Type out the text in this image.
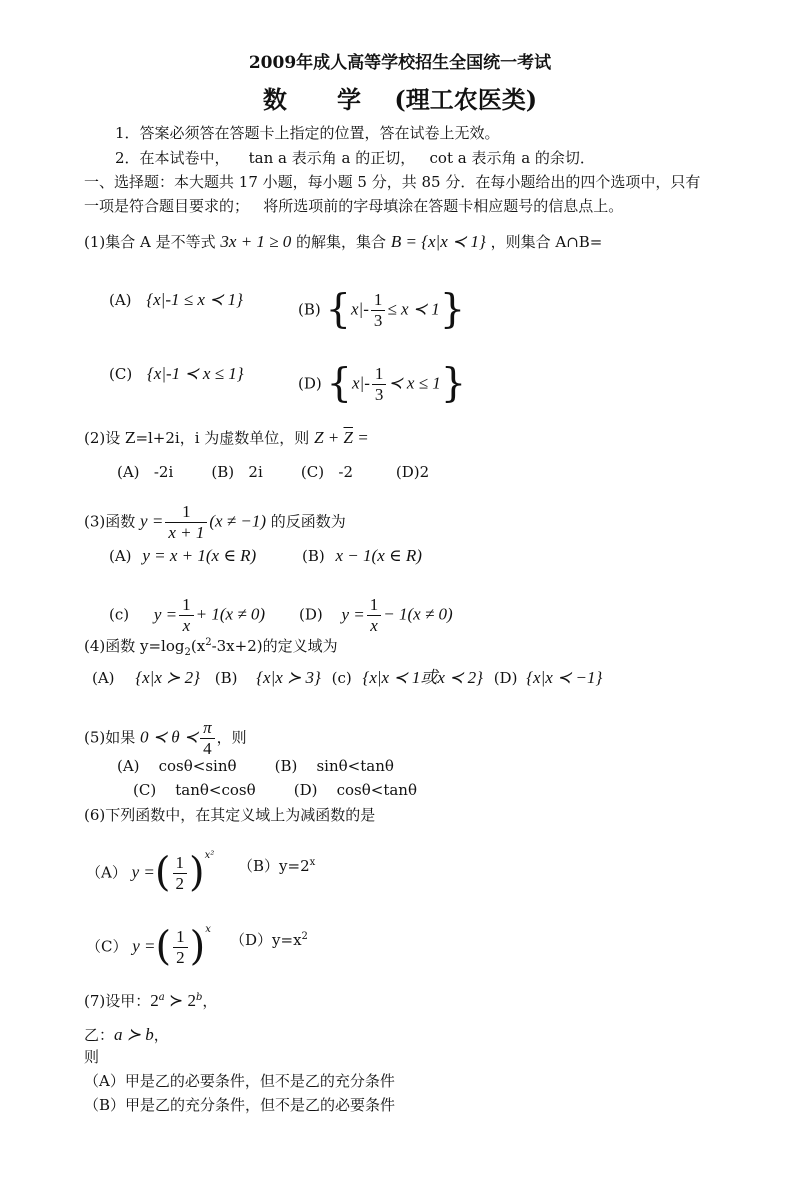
2009年成人高等学校招生全国统一考试
数      学    (理工农医类)
1．答案必须答在答题卡上指定的位置，答在试卷上无效。
2．在本试卷中，    tan a 表示角 a 的正切，   cot a 表示角 a 的余切．
一、选择题：本大题共 17 小题，每小题 5 分，共 85 分．在每小题给出的四个选项中，只有
一项是符合题目要求的；   将所选项前的字母填涂在答题卡相应题号的信息点上。
(1)集合 A 是不等式 3x + 1 ≥ 0 的解集，集合 B = {x|x ≺ 1} ，则集合 A∩B=
(A) {x|-1 ≤ x ≺ 1}
(B) {$x|- \frac{1}{3} \le x$ ≺ 1}
(C) {x|-1 ≺ x ≤ 1}
(D) {$x|- \frac{1}{3}$ ≺ x ≤ 1}
(2)设 Z=l+2i，i 为虚数单位，则 $Z + \overline{Z}$ =
(A)   -2i        (B)   2i        (C)   -2         (D)2
(3)函数 $y = \frac{1}{x + 1} (x \ne -1)$ 的反函数为
(A) y = x + 1(x ∈ R)	(B) x − 1(x ∈ R)
(c) $y = \frac{1}{x} + 1(x \ne 0)$ (D) $y = \frac{1}{x} - 1(x \ne 0)$
(4)函数 $y=\log_2(x^2-3x+2)$的定义域为
(A) {x|x ≻ 2} (B) {x|x ≻ 3} (c) {x|x ≺ 1或x ≺ 2} (D) {x|x ≺ −1}
(5)如果 0 ≺ θ ≺ $\frac{\pi}{4}$ ，则
(A)    cosθ<sinθ        (B)    sinθ<tanθ
(C)    tanθ<cosθ        (D)    cosθ<tanθ
(6)下列函数中，在其定义域上为减函数的是
（A） y =( $\frac{1}{2} )^{x^2}$
$(B)y=2^x$
（C） y =( $\frac{1}{2} )^x$
$(D)y=x^2$
(7)设甲：2$^a$ ≻ 2$^b$，
乙：a ≻ b，
则
（A）甲是乙的必要条件，但不是乙的充分条件
（B）甲是乙的充分条件，但不是乙的必要条件
